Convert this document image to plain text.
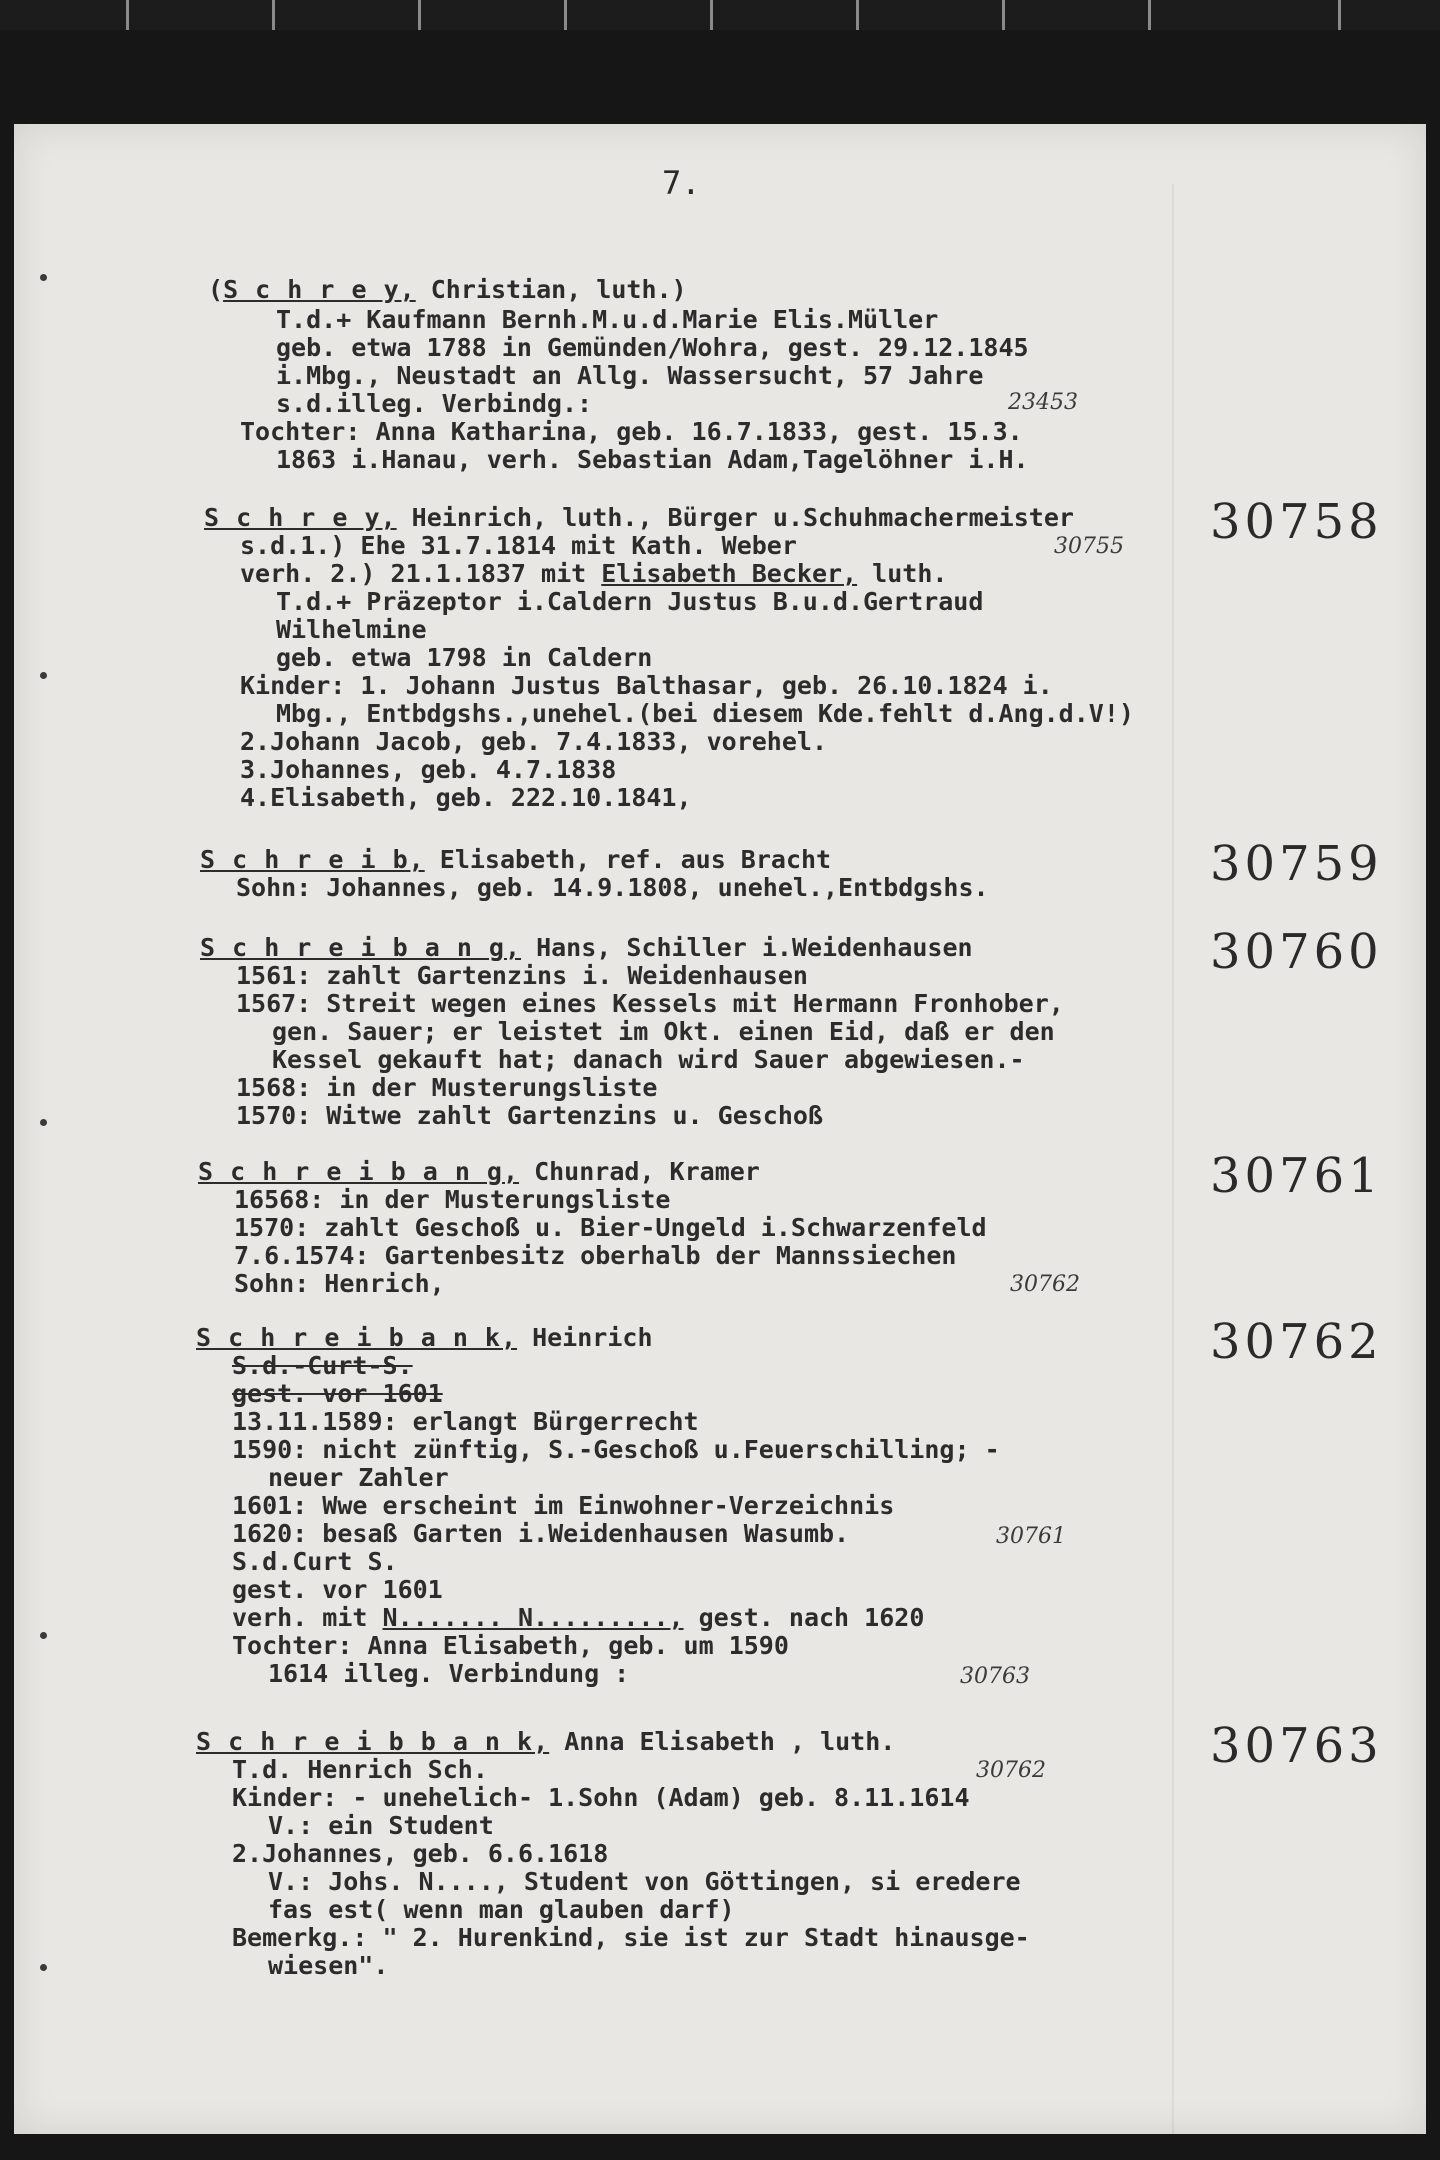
7.
(S c h r e y, Christian, luth.)
T.d.+ Kaufmann Bernh.M.u.d.Marie Elis.Müller
geb. etwa 1788 in Gemünden/Wohra, gest. 29.12.1845
i.Mbg., Neustadt an Allg. Wassersucht, 57 Jahre
s.d.illeg. Verbindg.:	23453
Tochter: Anna Katharina, geb. 16.7.1833, gest. 15.3.
1863 i.Hanau, verh. Sebastian Adam,Tagelöhner i.H.
30758
S c h r e y, Heinrich, luth., Bürger u.Schuhmachermeister
s.d.1.) Ehe 31.7.1814 mit Kath. Weber	30755
verh. 2.) 21.1.1837 mit Elisabeth Becker, luth.
T.d.+ Präzeptor i.Caldern Justus B.u.d.Gertraud
Wilhelmine
geb. etwa 1798 in Caldern
Kinder: 1. Johann Justus Balthasar, geb. 26.10.1824 i.
Mbg., Entbdgshs.,unehel.(bei diesem Kde.fehlt d.Ang.d.V!)
2.Johann Jacob, geb. 7.4.1833, vorehel.
3.Johannes, geb. 4.7.1838
4.Elisabeth, geb. 222.10.1841,
30759
S c h r e i b, Elisabeth, ref. aus Bracht
Sohn: Johannes, geb. 14.9.1808, unehel.,Entbdgshs.
30760
S c h r e i b a n g, Hans, Schiller i.Weidenhausen
1561: zahlt Gartenzins i. Weidenhausen
1567: Streit wegen eines Kessels mit Hermann Fronhober,
gen. Sauer; er leistet im Okt. einen Eid, daß er den
Kessel gekauft hat; danach wird Sauer abgewiesen.-
1568: in der Musterungsliste
1570: Witwe zahlt Gartenzins u. Geschoß
30761
S c h r e i b a n g, Chunrad, Kramer
16568: in der Musterungsliste
1570: zahlt Geschoß u. Bier-Ungeld i.Schwarzenfeld
7.6.1574: Gartenbesitz oberhalb der Mannssiechen
Sohn: Henrich,	30762
30762
S c h r e i b a n k, Heinrich
S.d.-Curt-S.
gest. vor 1601
13.11.1589: erlangt Bürgerrecht
1590: nicht zünftig, S.-Geschoß u.Feuerschilling; -
neuer Zahler
1601: Wwe erscheint im Einwohner-Verzeichnis
1620: besaß Garten i.Weidenhausen Wasumb.	30761
S.d.Curt S.
gest. vor 1601
verh. mit N....... N........., gest. nach 1620
Tochter: Anna Elisabeth, geb. um 1590
1614 illeg. Verbindung :	30763
30763
S c h r e i b b a n k, Anna Elisabeth , luth.
T.d. Henrich Sch.	30762
Kinder: - unehelich- 1.Sohn (Adam) geb. 8.11.1614
V.: ein Student
2.Johannes, geb. 6.6.1618
V.: Johs. N...., Student von Göttingen, si eredere
fas est( wenn man glauben darf)
Bemerkg.: " 2. Hurenkind, sie ist zur Stadt hinausge-
wiesen".
